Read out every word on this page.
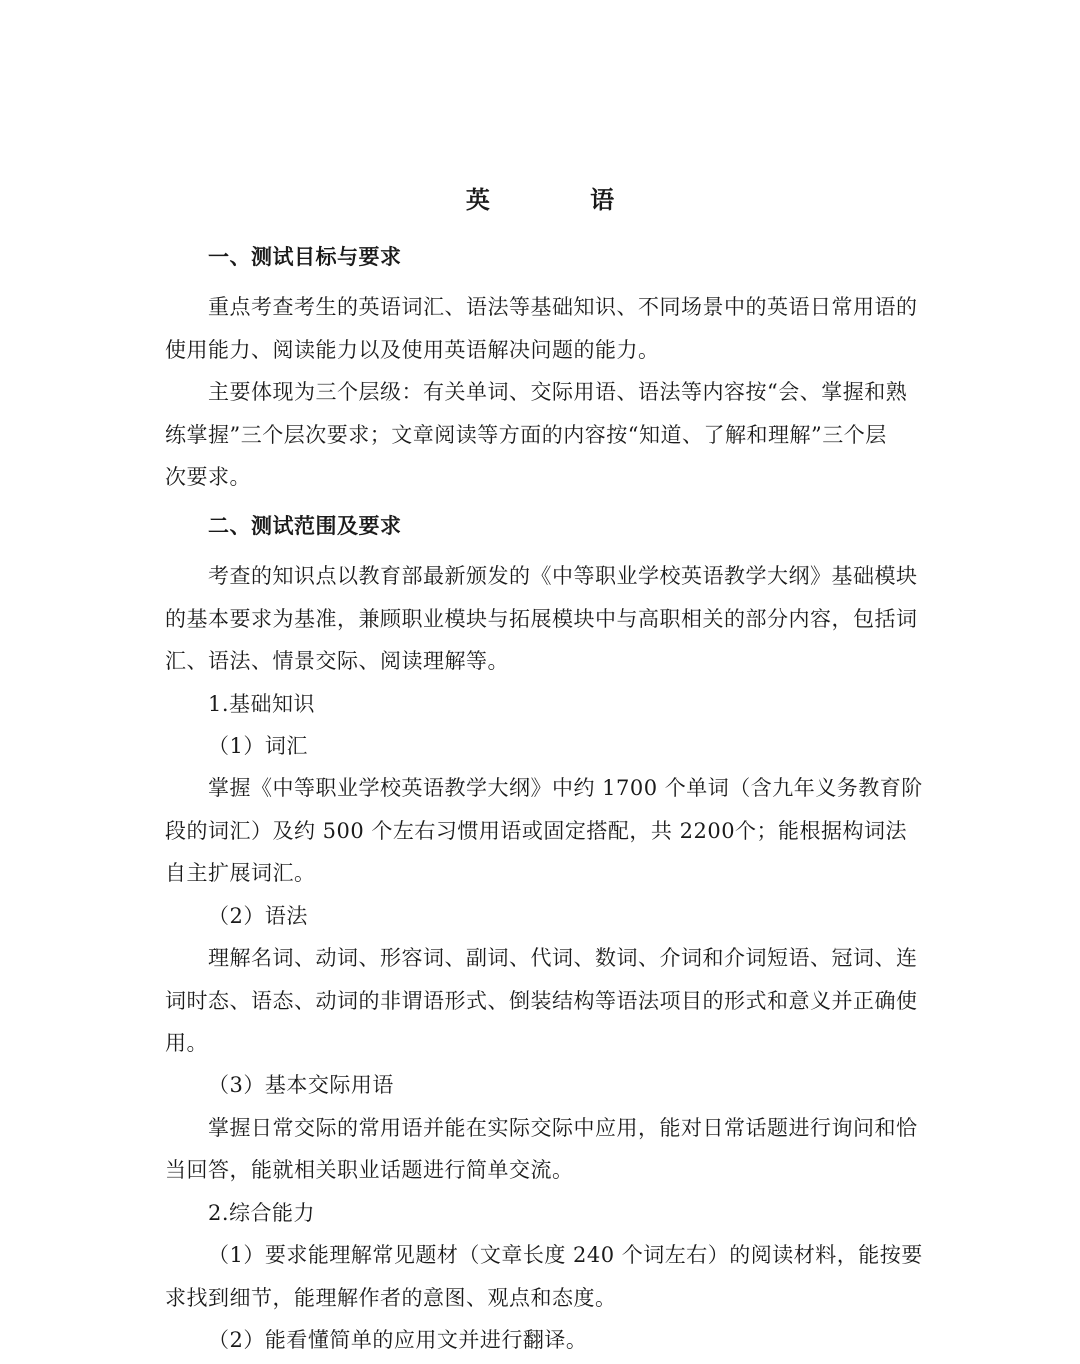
英 语
一、测试目标与要求
重点考查考生的英语词汇、语法等基础知识、不同场景中的英语日常用语的
使用能力、阅读能力以及使用英语解决问题的能力。
主要体现为三个层级：有关单词、交际用语、语法等内容按“会、掌握和熟
练掌握”三个层次要求；文章阅读等方面的内容按“知道、了解和理解”三个层
次要求。
二、测试范围及要求
考查的知识点以教育部最新颁发的《中等职业学校英语教学大纲》基础模块
的基本要求为基准，兼顾职业模块与拓展模块中与高职相关的部分内容，包括词
汇、语法、情景交际、阅读理解等。
1.基础知识
（1）词汇
掌握《中等职业学校英语教学大纲》中约 1700 个单词（含九年义务教育阶
段的词汇）及约 500 个左右习惯用语或固定搭配，共 2200个；能根据构词法
自主扩展词汇。
（2）语法
理解名词、动词、形容词、副词、代词、数词、介词和介词短语、冠词、连
词时态、语态、动词的非谓语形式、倒装结构等语法项目的形式和意义并正确使
用。
（3）基本交际用语
掌握日常交际的常用语并能在实际交际中应用，能对日常话题进行询问和恰
当回答，能就相关职业话题进行简单交流。
2.综合能力
（1）要求能理解常见题材（文章长度 240 个词左右）的阅读材料，能按要
求找到细节，能理解作者的意图、观点和态度。
（2）能看懂简单的应用文并进行翻译。
